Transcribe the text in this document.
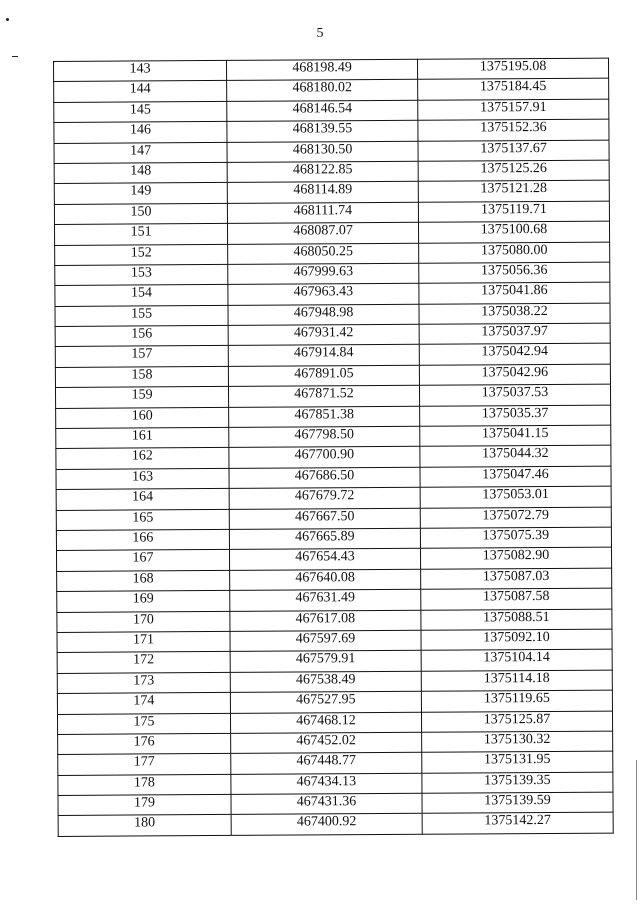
5
143	468198.49	1375195.08
144	468180.02	1375184.45
145	468146.54	1375157.91
146	468139.55	1375152.36
147	468130.50	1375137.67
148	468122.85	1375125.26
149	468114.89	1375121.28
150	468111.74	1375119.71
151	468087.07	1375100.68
152	468050.25	1375080.00
153	467999.63	1375056.36
154	467963.43	1375041.86
155	467948.98	1375038.22
156	467931.42	1375037.97
157	467914.84	1375042.94
158	467891.05	1375042.96
159	467871.52	1375037.53
160	467851.38	1375035.37
161	467798.50	1375041.15
162	467700.90	1375044.32
163	467686.50	1375047.46
164	467679.72	1375053.01
165	467667.50	1375072.79
166	467665.89	1375075.39
167	467654.43	1375082.90
168	467640.08	1375087.03
169	467631.49	1375087.58
170	467617.08	1375088.51
171	467597.69	1375092.10
172	467579.91	1375104.14
173	467538.49	1375114.18
174	467527.95	1375119.65
175	467468.12	1375125.87
176	467452.02	1375130.32
177	467448.77	1375131.95
178	467434.13	1375139.35
179	467431.36	1375139.59
180	467400.92	1375142.27
